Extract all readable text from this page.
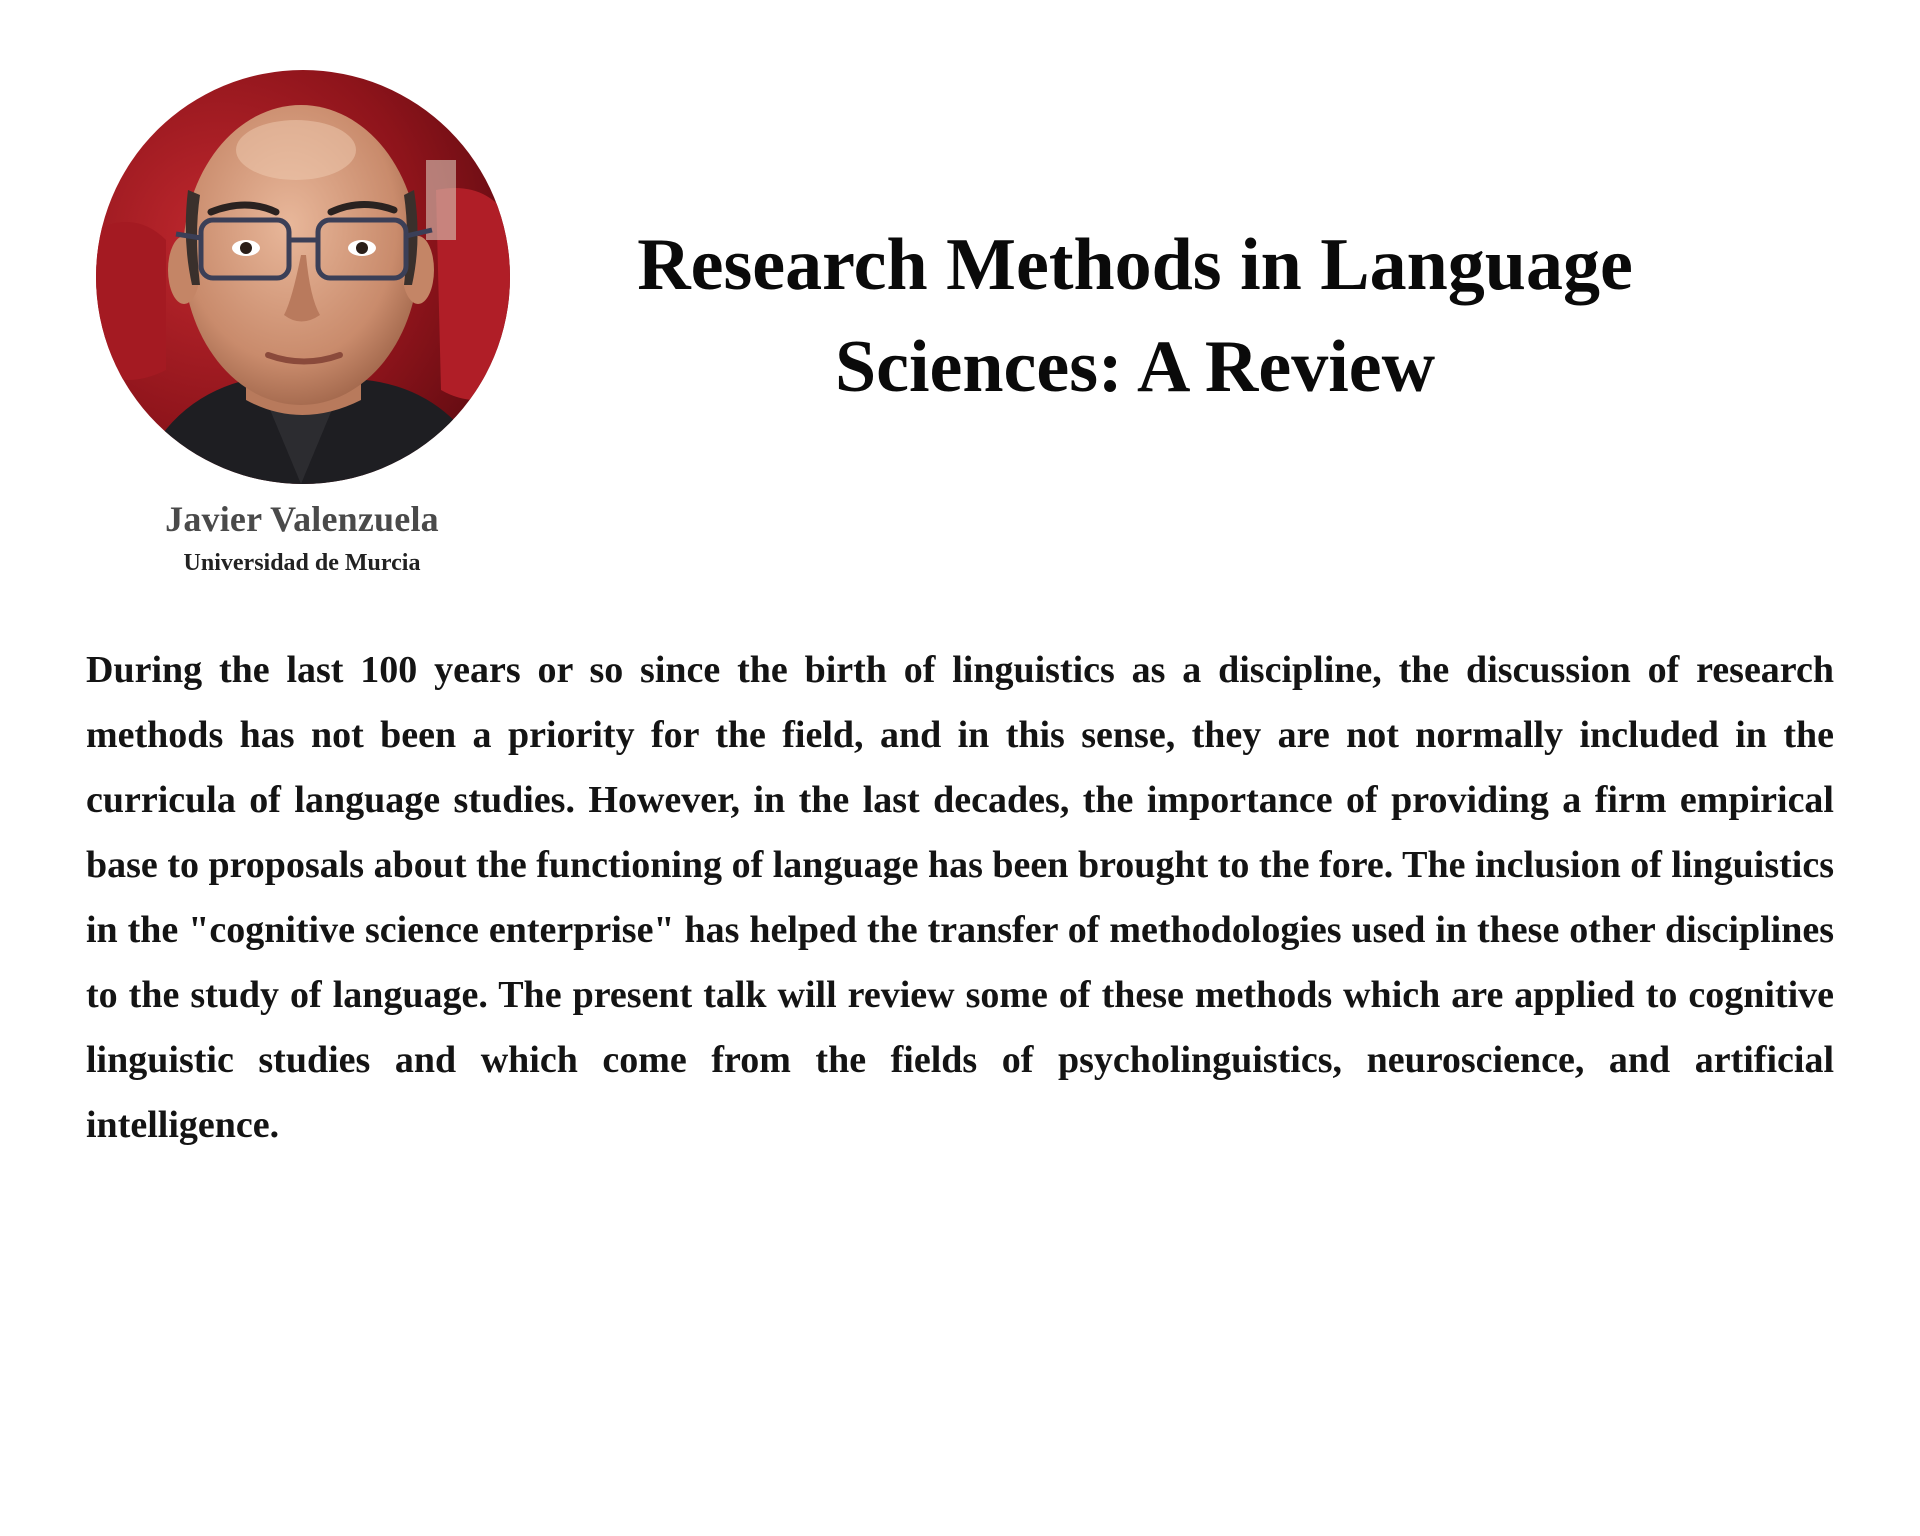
Javier Valenzuela
Universidad de Murcia
Research Methods in Language Sciences: A Review

During the last 100 years or so since the birth of linguistics as a discipline, the discussion of research methods has not been a priority for the field, and in this sense, they are not normally included in the curricula of language studies. However, in the last decades, the importance of providing a firm empirical base to proposals about the functioning of language has been brought to the fore. The inclusion of linguistics in the "cognitive science enterprise" has helped the transfer of methodologies used in these other disciplines to the study of language. The present talk will review some of these methods which are applied to cognitive linguistic studies and which come from the fields of psycholinguistics, neuroscience, and artificial intelligence.
